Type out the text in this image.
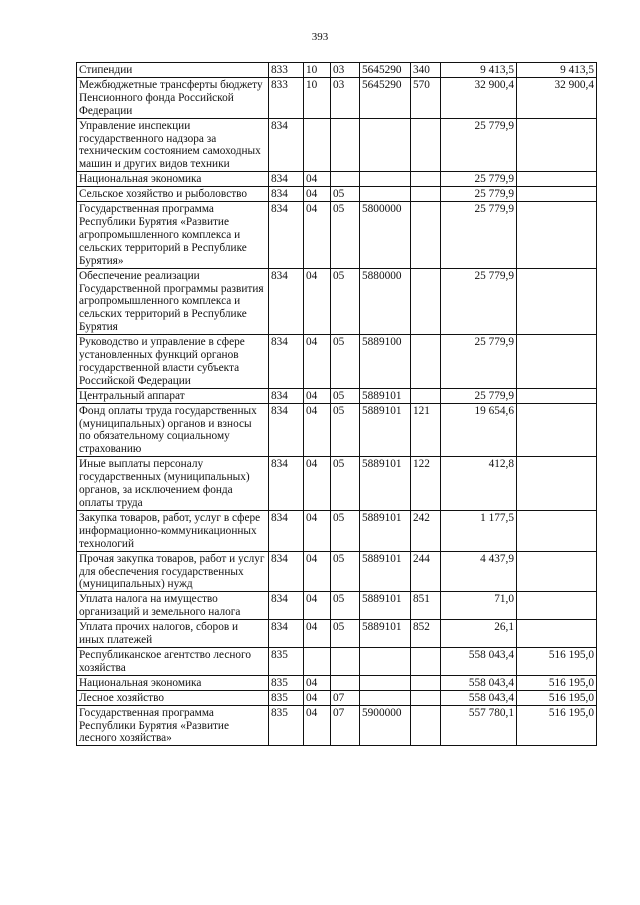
393
Стипендии	833	10	03	5645290	340	9 413,5	9 413,5
Межбюджетные трансферты бюджету Пенсионного фонда Российской Федерации	833	10	03	5645290	570	32 900,4	32 900,4
Управление инспекции государственного надзора за техническим состоянием самоходных машин и других видов техники	834					25 779,9	
Национальная экономика	834	04				25 779,9	
Сельское хозяйство и рыболовство	834	04	05			25 779,9	
Государственная программа Республики Бурятия «Развитие агропромышленного комплекса и сельских территорий в Республике Бурятия»	834	04	05	5800000		25 779,9	
Обеспечение реализации Государственной программы развития агропромышленного комплекса и сельских территорий в Республике Бурятия	834	04	05	5880000		25 779,9	
Руководство и управление в сфере установленных функций органов государственной власти субъекта Российской Федерации	834	04	05	5889100		25 779,9	
Центральный аппарат	834	04	05	5889101		25 779,9	
Фонд оплаты труда государственных (муниципальных) органов и взносы по обязательному социальному страхованию	834	04	05	5889101	121	19 654,6	
Иные выплаты персоналу государственных (муниципальных) органов, за исключением фонда оплаты труда	834	04	05	5889101	122	412,8	
Закупка товаров, работ, услуг в сфере информационно-коммуникационных технологий	834	04	05	5889101	242	1 177,5	
Прочая закупка товаров, работ и услуг для обеспечения государственных (муниципальных) нужд	834	04	05	5889101	244	4 437,9	
Уплата налога на имущество организаций и земельного налога	834	04	05	5889101	851	71,0	
Уплата прочих налогов, сборов и иных платежей	834	04	05	5889101	852	26,1	
Республиканское агентство лесного хозяйства	835					558 043,4	516 195,0
Национальная экономика	835	04				558 043,4	516 195,0
Лесное хозяйство	835	04	07			558 043,4	516 195,0
Государственная программа Республики Бурятия «Развитие лесного хозяйства»	835	04	07	5900000		557 780,1	516 195,0
